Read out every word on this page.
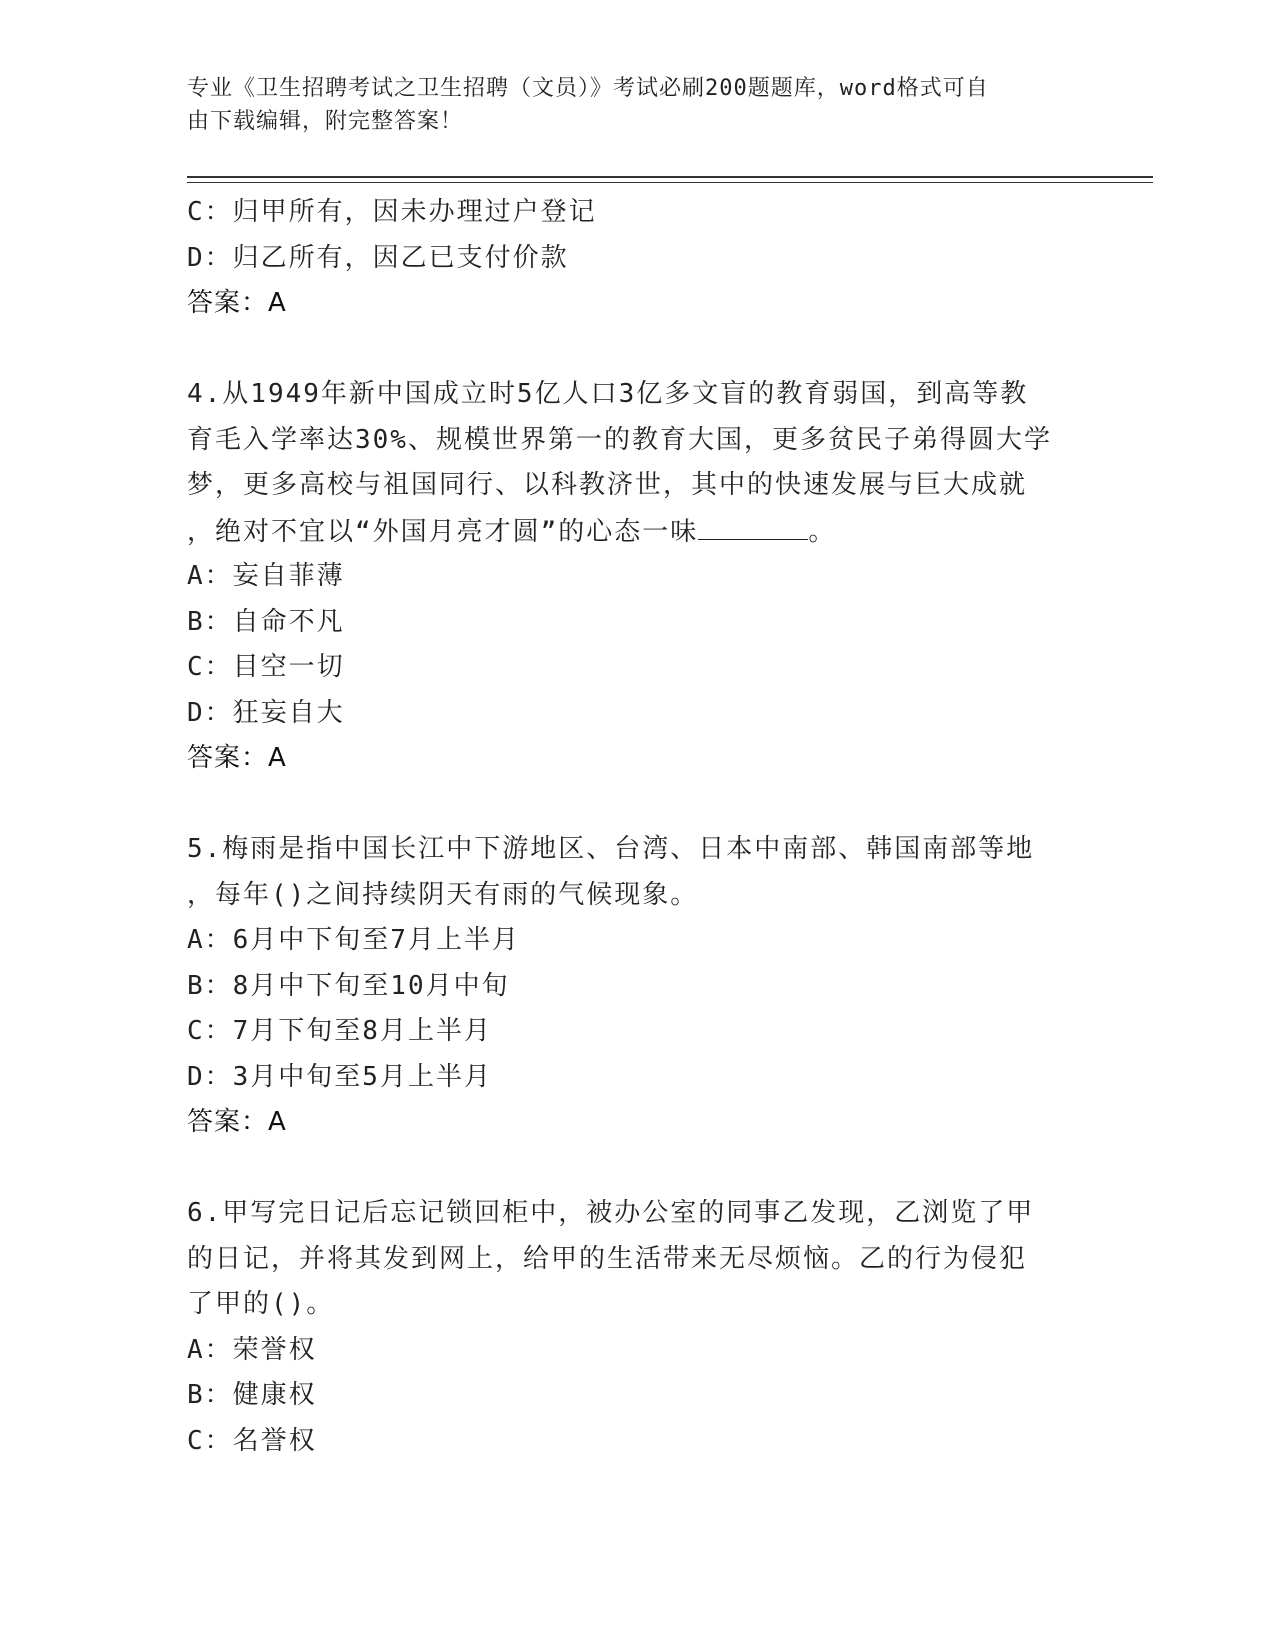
专业《卫生招聘考试之卫生招聘（文员）》考试必刷200题题库，word格式可自
由下载编辑，附完整答案！
C：归甲所有，因未办理过户登记
D：归乙所有，因乙已支付价款
答案：A
4.从1949年新中国成立时5亿人口3亿多文盲的教育弱国，到高等教
育毛入学率达30%、规模世界第一的教育大国，更多贫民子弟得圆大学
梦，更多高校与祖国同行、以科教济世，其中的快速发展与巨大成就
，绝对不宜以“外国月亮才圆”的心态一味	。
A：妄自菲薄
B：自命不凡
C：目空一切
D：狂妄自大
答案：A
5.梅雨是指中国长江中下游地区、台湾、日本中南部、韩国南部等地
，每年()之间持续阴天有雨的气候现象。
A：6月中下旬至7月上半月
B：8月中下旬至10月中旬
C：7月下旬至8月上半月
D：3月中旬至5月上半月
答案：A
6.甲写完日记后忘记锁回柜中，被办公室的同事乙发现，乙浏览了甲
的日记，并将其发到网上，给甲的生活带来无尽烦恼。乙的行为侵犯
了甲的()。
A：荣誉权
B：健康权
C：名誉权
